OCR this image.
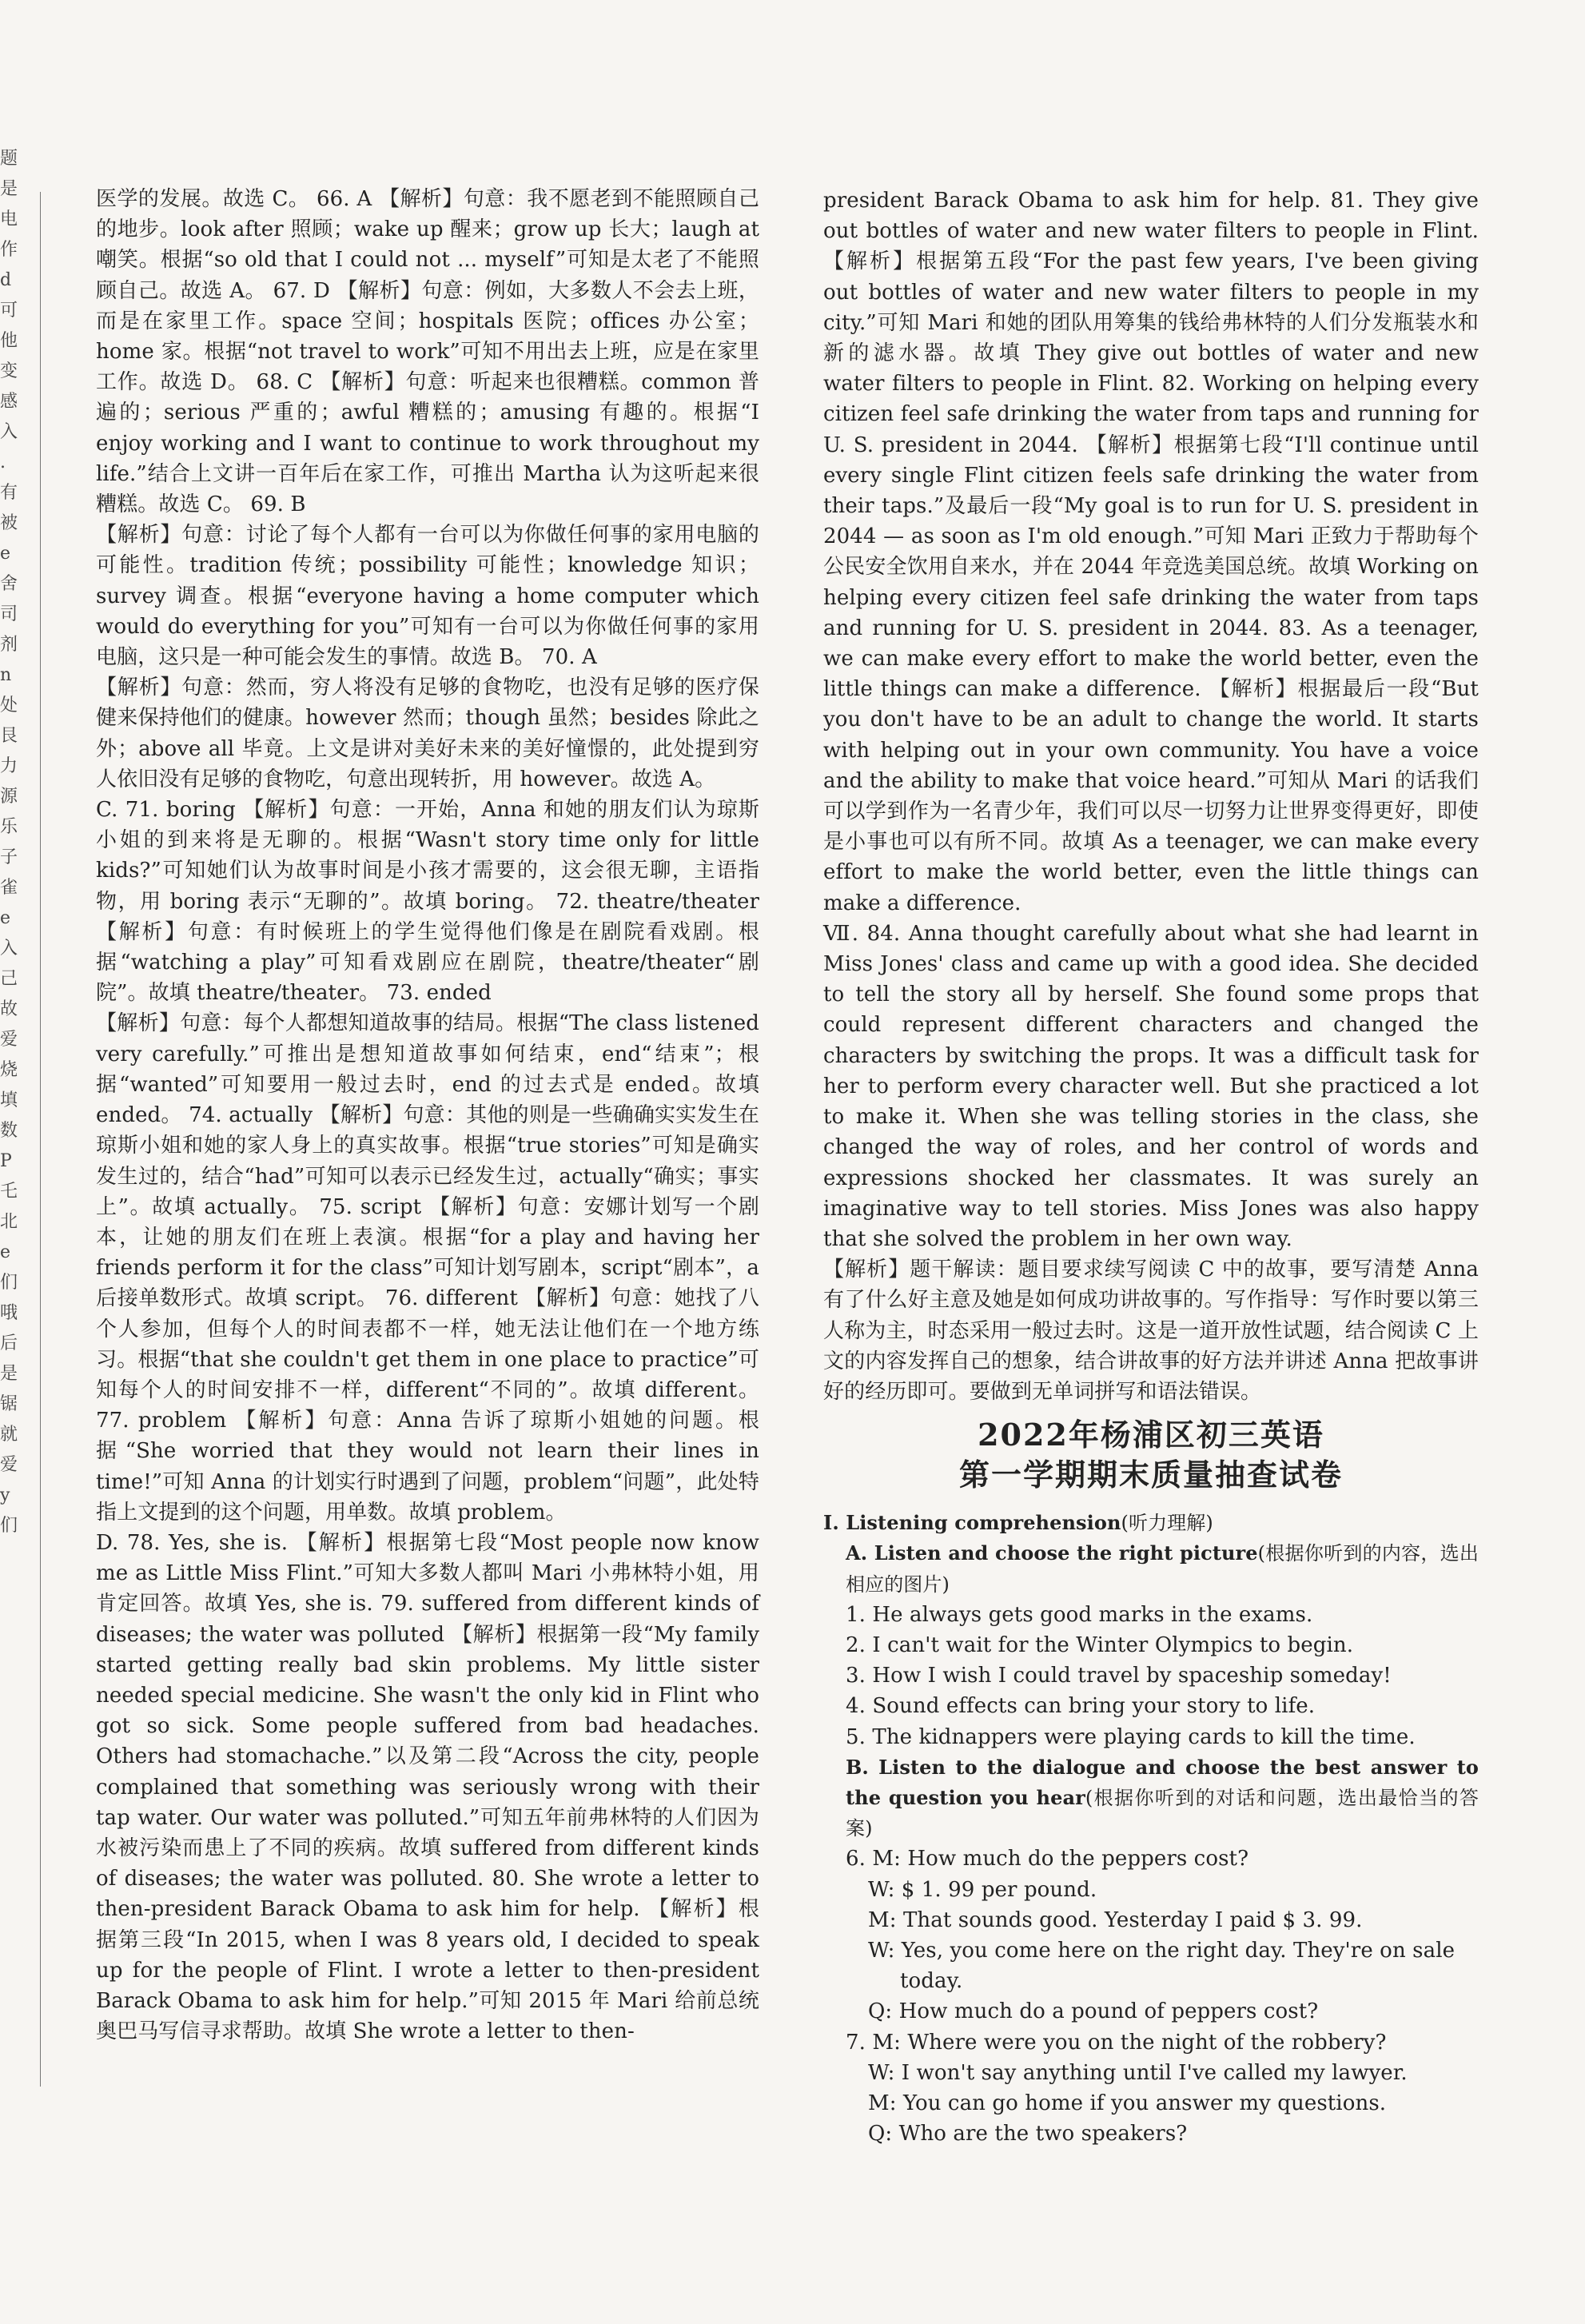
题
是
电
作
d
可
他
变
感
入
.
有
被
e
舍
司
剂
n
处
艮
力
源
乐
子
雀
e
入
己
故
爱
烧
填
数
P
乇
北
e
们
哦
后
是
锯
就
爱
y
们

医学的发展。故选 C。 66. A 【解析】句意：我不愿老到不能照顾自己的地步。look after 照顾；wake up 醒来；grow up 长大；laugh at 嘲笑。根据“so old that I could not ... myself”可知是太老了不能照顾自己。故选 A。 67. D 【解析】句意：例如，大多数人不会去上班，而是在家里工作。space 空间；hospitals 医院；offices 办公室；home 家。根据“not travel to work”可知不用出去上班，应是在家里工作。故选 D。 68. C 【解析】句意：听起来也很糟糕。common 普遍的；serious 严重的；awful 糟糕的；amusing 有趣的。根据“I enjoy working and I want to continue to work throughout my life.”结合上文讲一百年后在家工作，可推出 Martha 认为这听起来很糟糕。故选 C。 69. B

【解析】句意：讨论了每个人都有一台可以为你做任何事的家用电脑的可能性。tradition 传统；possibility 可能性；knowledge 知识；survey 调查。根据“everyone having a home computer which would do everything for you”可知有一台可以为你做任何事的家用电脑，这只是一种可能会发生的事情。故选 B。 70. A

【解析】句意：然而，穷人将没有足够的食物吃，也没有足够的医疗保健来保持他们的健康。however 然而；though 虽然；besides 除此之外；above all 毕竟。上文是讲对美好未来的美好憧憬的，此处提到穷人依旧没有足够的食物吃，句意出现转折，用 however。故选 A。

C. 71. boring 【解析】句意：一开始，Anna 和她的朋友们认为琼斯小姐的到来将是无聊的。根据“Wasn't story time only for little kids?”可知她们认为故事时间是小孩才需要的，这会很无聊，主语指物，用 boring 表示“无聊的”。故填 boring。 72. theatre/theater 【解析】句意：有时候班上的学生觉得他们像是在剧院看戏剧。根据“watching a play”可知看戏剧应在剧院，theatre/theater“剧院”。故填 theatre/theater。 73. ended

【解析】句意：每个人都想知道故事的结局。根据“The class listened very carefully.”可推出是想知道故事如何结束，end“结束”；根据“wanted”可知要用一般过去时，end 的过去式是 ended。故填 ended。 74. actually 【解析】句意：其他的则是一些确确实实发生在琼斯小姐和她的家人身上的真实故事。根据“true stories”可知是确实发生过的，结合“had”可知可以表示已经发生过，actually“确实；事实上”。故填 actually。 75. script 【解析】句意：安娜计划写一个剧本，让她的朋友们在班上表演。根据“for a play and having her friends perform it for the class”可知计划写剧本，script“剧本”，a 后接单数形式。故填 script。 76. different 【解析】句意：她找了八个人参加，但每个人的时间表都不一样，她无法让他们在一个地方练习。根据“that she couldn't get them in one place to practice”可知每个人的时间安排不一样，different“不同的”。故填 different。 77. problem 【解析】句意：Anna 告诉了琼斯小姐她的问题。根据“She worried that they would not learn their lines in time!”可知 Anna 的计划实行时遇到了问题，problem“问题”，此处特指上文提到的这个问题，用单数。故填 problem。

D. 78. Yes, she is. 【解析】根据第七段“Most people now know me as Little Miss Flint.”可知大多数人都叫 Mari 小弗林特小姐，用肯定回答。故填 Yes, she is. 79. suffered from different kinds of diseases; the water was polluted 【解析】根据第一段“My family started getting really bad skin problems. My little sister needed special medicine. She wasn't the only kid in Flint who got so sick. Some people suffered from bad headaches. Others had stomachache.”以及第二段“Across the city, people complained that something was seriously wrong with their tap water. Our water was polluted.”可知五年前弗林特的人们因为水被污染而患上了不同的疾病。故填 suffered from different kinds of diseases; the water was polluted. 80. She wrote a letter to then-president Barack Obama to ask him for help. 【解析】根据第三段“In 2015, when I was 8 years old, I decided to speak up for the people of Flint. I wrote a letter to then-president Barack Obama to ask him for help.”可知 2015 年 Mari 给前总统奥巴马写信寻求帮助。故填 She wrote a letter to then-

president Barack Obama to ask him for help. 81. They give out bottles of water and new water filters to people in Flint. 【解析】根据第五段“For the past few years, I've been giving out bottles of water and new water filters to people in my city.”可知 Mari 和她的团队用筹集的钱给弗林特的人们分发瓶装水和新的滤水器。故填 They give out bottles of water and new water filters to people in Flint. 82. Working on helping every citizen feel safe drinking the water from taps and running for U. S. president in 2044. 【解析】根据第七段“I'll continue until every single Flint citizen feels safe drinking the water from their taps.”及最后一段“My goal is to run for U. S. president in 2044 — as soon as I'm old enough.”可知 Mari 正致力于帮助每个公民安全饮用自来水，并在 2044 年竞选美国总统。故填 Working on helping every citizen feel safe drinking the water from taps and running for U. S. president in 2044. 83. As a teenager, we can make every effort to make the world better, even the little things can make a difference. 【解析】根据最后一段“But you don't have to be an adult to change the world. It starts with helping out in your own community. You have a voice and the ability to make that voice heard.”可知从 Mari 的话我们可以学到作为一名青少年，我们可以尽一切努力让世界变得更好，即使是小事也可以有所不同。故填 As a teenager, we can make every effort to make the world better, even the little things can make a difference.

Ⅶ. 84. Anna thought carefully about what she had learnt in Miss Jones' class and came up with a good idea. She decided to tell the story all by herself. She found some props that could represent different characters and changed the characters by switching the props. It was a difficult task for her to perform every character well. But she practiced a lot to make it. When she was telling stories in the class, she changed the way of roles, and her control of words and expressions shocked her classmates. It was surely an imaginative way to tell stories. Miss Jones was also happy that she solved the problem in her own way.

【解析】题干解读：题目要求续写阅读 C 中的故事，要写清楚 Anna 有了什么好主意及她是如何成功讲故事的。写作指导：写作时要以第三人称为主，时态采用一般过去时。这是一道开放性试题，结合阅读 C 上文的内容发挥自己的想象，结合讲故事的好方法并讲述 Anna 把故事讲好的经历即可。要做到无单词拼写和语法错误。

2022年杨浦区初三英语
第一学期期末质量抽查试卷

Ⅰ. Listening comprehension(听力理解)

A. Listen and choose the right picture(根据你听到的内容，选出相应的图片)

1. He always gets good marks in the exams.

2. I can't wait for the Winter Olympics to begin.

3. How I wish I could travel by spaceship someday!

4. Sound effects can bring your story to life.

5. The kidnappers were playing cards to kill the time.

B. Listen to the dialogue and choose the best answer to the question you hear(根据你听到的对话和问题，选出最恰当的答案)

6. M: How much do the peppers cost?

W: $ 1. 99 per pound.

M: That sounds good. Yesterday I paid $ 3. 99.

W: Yes, you come here on the right day. They're on sale

today.

Q: How much do a pound of peppers cost?

7. M: Where were you on the night of the robbery?

W: I won't say anything until I've called my lawyer.

M: You can go home if you answer my questions.

Q: Who are the two speakers?
